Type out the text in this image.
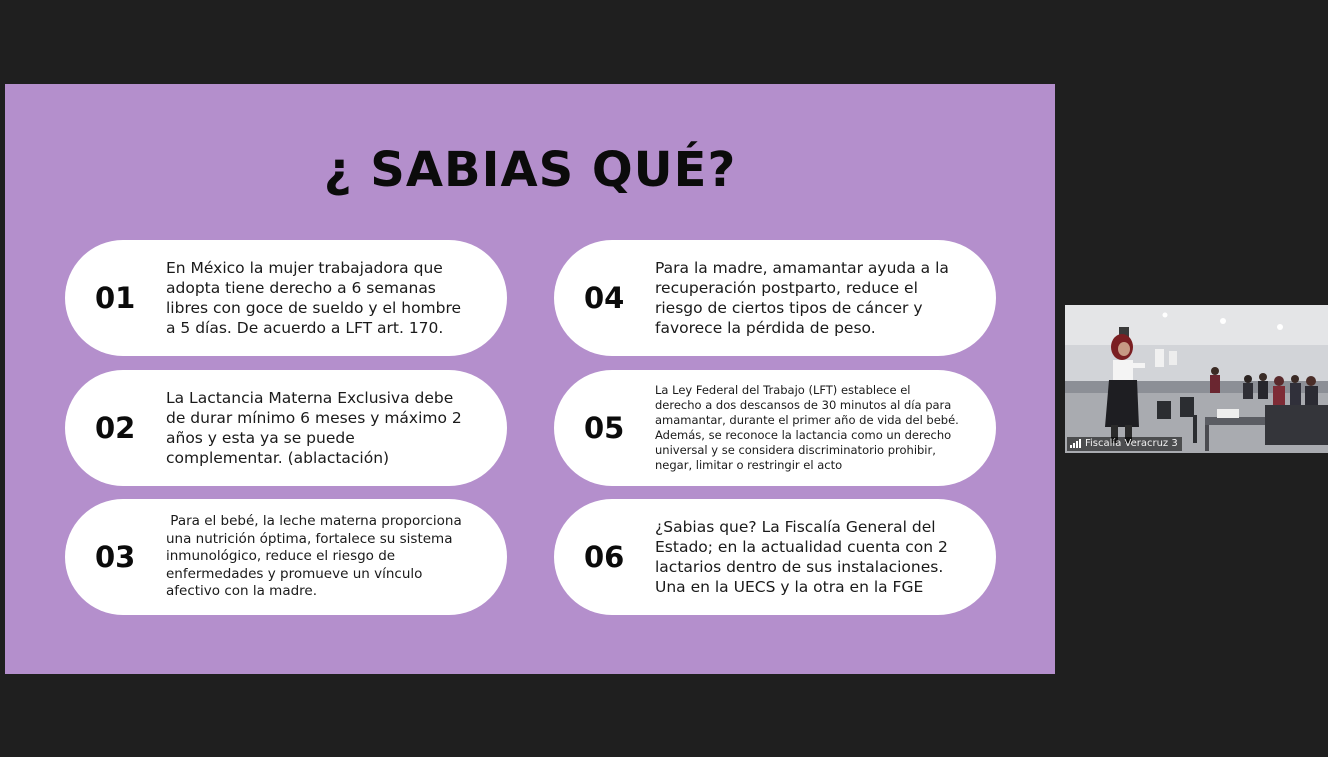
¿ SABIAS QUÉ?
01
En México la mujer trabajadora que
adopta tiene derecho a 6 semanas
libres con goce de sueldo y el hombre
a 5 días. De acuerdo a LFT art. 170.
02
La Lactancia Materna Exclusiva debe
de durar mínimo 6 meses y máximo 2
años y esta ya se puede
complementar. (ablactación)
03
Para el bebé, la leche materna proporciona
una nutrición óptima, fortalece su sistema
inmunológico, reduce el riesgo de
enfermedades y promueve un vínculo
afectivo con la madre.
04
Para la madre, amamantar ayuda a la
recuperación postparto, reduce el
riesgo de ciertos tipos de cáncer y
favorece la pérdida de peso.
05
La Ley Federal del Trabajo (LFT) establece el
derecho a dos descansos de 30 minutos al día para
amamantar, durante el primer año de vida del bebé.
Además, se reconoce la lactancia como un derecho
universal y se considera discriminatorio prohibir,
negar, limitar o restringir el acto
06
¿Sabias que? La Fiscalía General del
Estado; en la actualidad cuenta con 2
lactarios dentro de sus instalaciones.
Una en la UECS y la otra en la FGE
Fiscalía Veracruz 3
